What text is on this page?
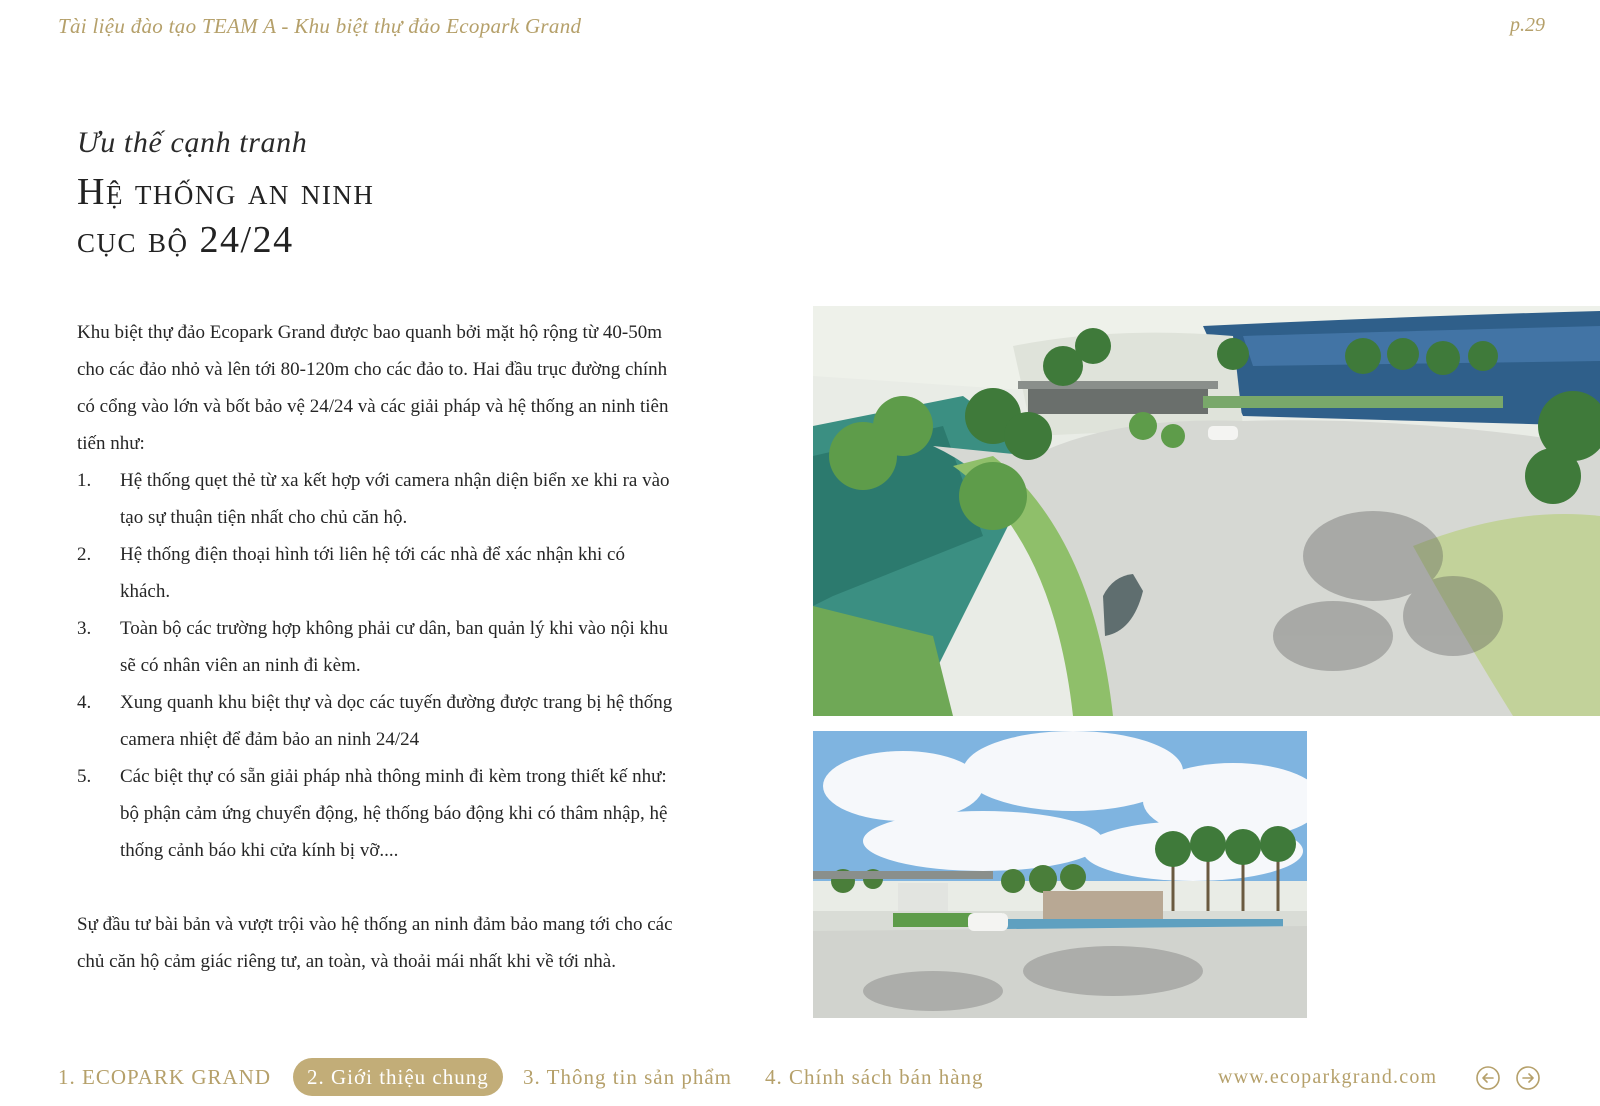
Tài liệu đào tạo TEAM A - Khu biệt thự đảo Ecopark Grand	p.29
Ưu thế cạnh tranh
Hệ thống an ninh
cục bộ 24/24

Khu biệt thự đảo Ecopark Grand được bao quanh bởi mặt hộ rộng từ 40-50m cho các đảo nhỏ và lên tới 80-120m cho các đảo to. Hai đầu trục đường chính có cổng vào lớn và bốt bảo vệ 24/24 và các giải pháp và hệ thống an ninh tiên tiến như:

1. Hệ thống quẹt thẻ từ xa kết hợp với camera nhận diện biển xe khi ra vào tạo sự thuận tiện nhất cho chủ căn hộ.
2. Hệ thống điện thoại hình tới liên hệ tới các nhà để xác nhận khi có khách.
3. Toàn bộ các trường hợp không phải cư dân, ban quản lý khi vào nội khu sẽ có nhân viên an ninh đi kèm.
4. Xung quanh khu biệt thự và dọc các tuyến đường được trang bị hệ thống camera nhiệt để đảm bảo an ninh 24/24
5. Các biệt thự có sẵn giải pháp nhà thông minh đi kèm trong thiết kế như: bộ phận cảm ứng chuyển động, hệ thống báo động khi có thâm nhập, hệ thống cảnh báo khi cửa kính bị vỡ....

Sự đầu tư bài bản và vượt trội vào hệ thống an ninh đảm bảo mang tới cho các chủ căn hộ cảm giác riêng tư, an toàn, và thoải mái nhất khi về tới nhà.

1. ECOPARK GRAND	2. Giới thiệu chung	3. Thông tin sản phẩm 4. Chính sách bán hàng	www.ecoparkgrand.com
